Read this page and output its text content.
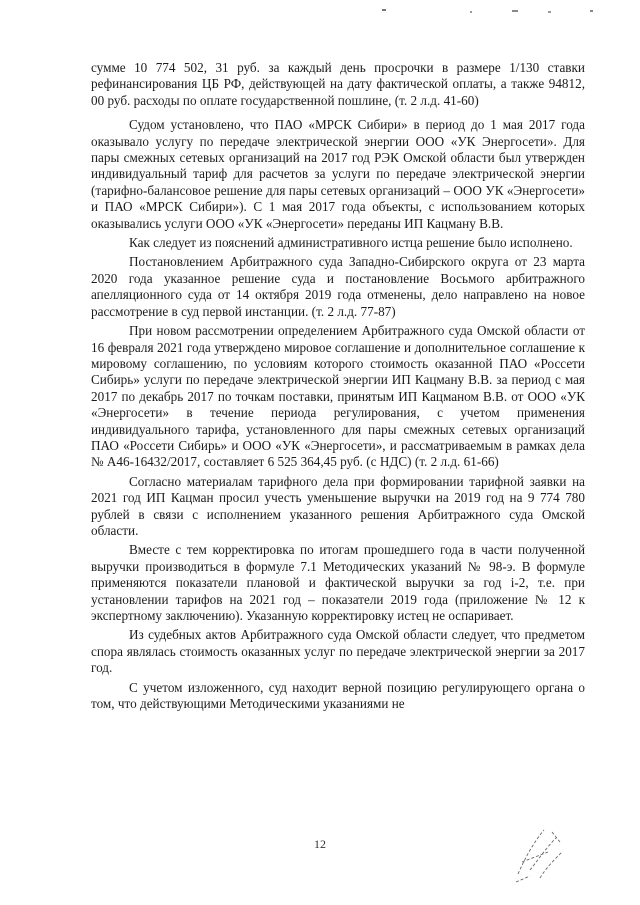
сумме 10 774 502, 31 руб. за каждый день просрочки в размере 1/130 ставки рефинансирования ЦБ РФ, действующей на дату фактической оплаты, а также 94812, 00 руб. расходы по оплате государственной пошлине, (т. 2 л.д. 41-60)

Судом установлено, что ПАО «МРСК Сибири» в период до 1 мая 2017 года оказывало услугу по передаче электрической энергии ООО «УК Энергосети». Для пары смежных сетевых организаций на 2017 год РЭК Омской области был утвержден индивидуальный тариф для расчетов за услуги по передаче электрической энергии (тарифно-балансовое решение для пары сетевых организаций – ООО УК «Энергосети» и ПАО «МРСК Сибири»). С 1 мая 2017 года объекты, с использованием которых оказывались услуги ООО «УК «Энергосети» переданы ИП Кацману В.В.

Как следует из пояснений административного истца решение было исполнено.

Постановлением Арбитражного суда Западно-Сибирского округа от 23 марта 2020 года указанное решение суда и постановление Восьмого арбитражного апелляционного суда от 14 октября 2019 года отменены, дело направлено на новое рассмотрение в суд первой инстанции. (т. 2 л.д. 77-87)

При новом рассмотрении определением Арбитражного суда Омской области от 16 февраля 2021 года утверждено мировое соглашение и дополнительное соглашение к мировому соглашению, по условиям которого стоимость оказанной ПАО «Россети Сибирь» услуги по передаче электрической энергии ИП Кацману В.В. за период с мая 2017 по декабрь 2017 по точкам поставки, принятым ИП Кацманом В.В. от ООО «УК «Энергосети» в течение периода регулирования, с учетом применения индивидуального тарифа, установленного для пары смежных сетевых организаций ПАО «Россети Сибирь» и ООО «УК «Энергосети», и рассматриваемым в рамках дела № А46-16432/2017, составляет 6 525 364,45 руб. (с НДС) (т. 2 л.д. 61-66)

Согласно материалам тарифного дела при формировании тарифной заявки на 2021 год ИП Кацман просил учесть уменьшение выручки на 2019 год на 9 774 780 рублей в связи с исполнением указанного решения Арбитражного суда Омской области.

Вместе с тем корректировка по итогам прошедшего года в части полученной выручки производиться в формуле 7.1 Методических указаний № 98-э. В формуле применяются показатели плановой и фактической выручки за год i-2, т.е. при установлении тарифов на 2021 год – показатели 2019 года (приложение № 12 к экспертному заключению). Указанную корректировку истец не оспаривает.

Из судебных актов Арбитражного суда Омской области следует, что предметом спора являлась стоимость оказанных услуг по передаче электрической энергии за 2017 год.

С учетом изложенного, суд находит верной позицию регулирующего органа о том, что действующими Методическими указаниями не

12
